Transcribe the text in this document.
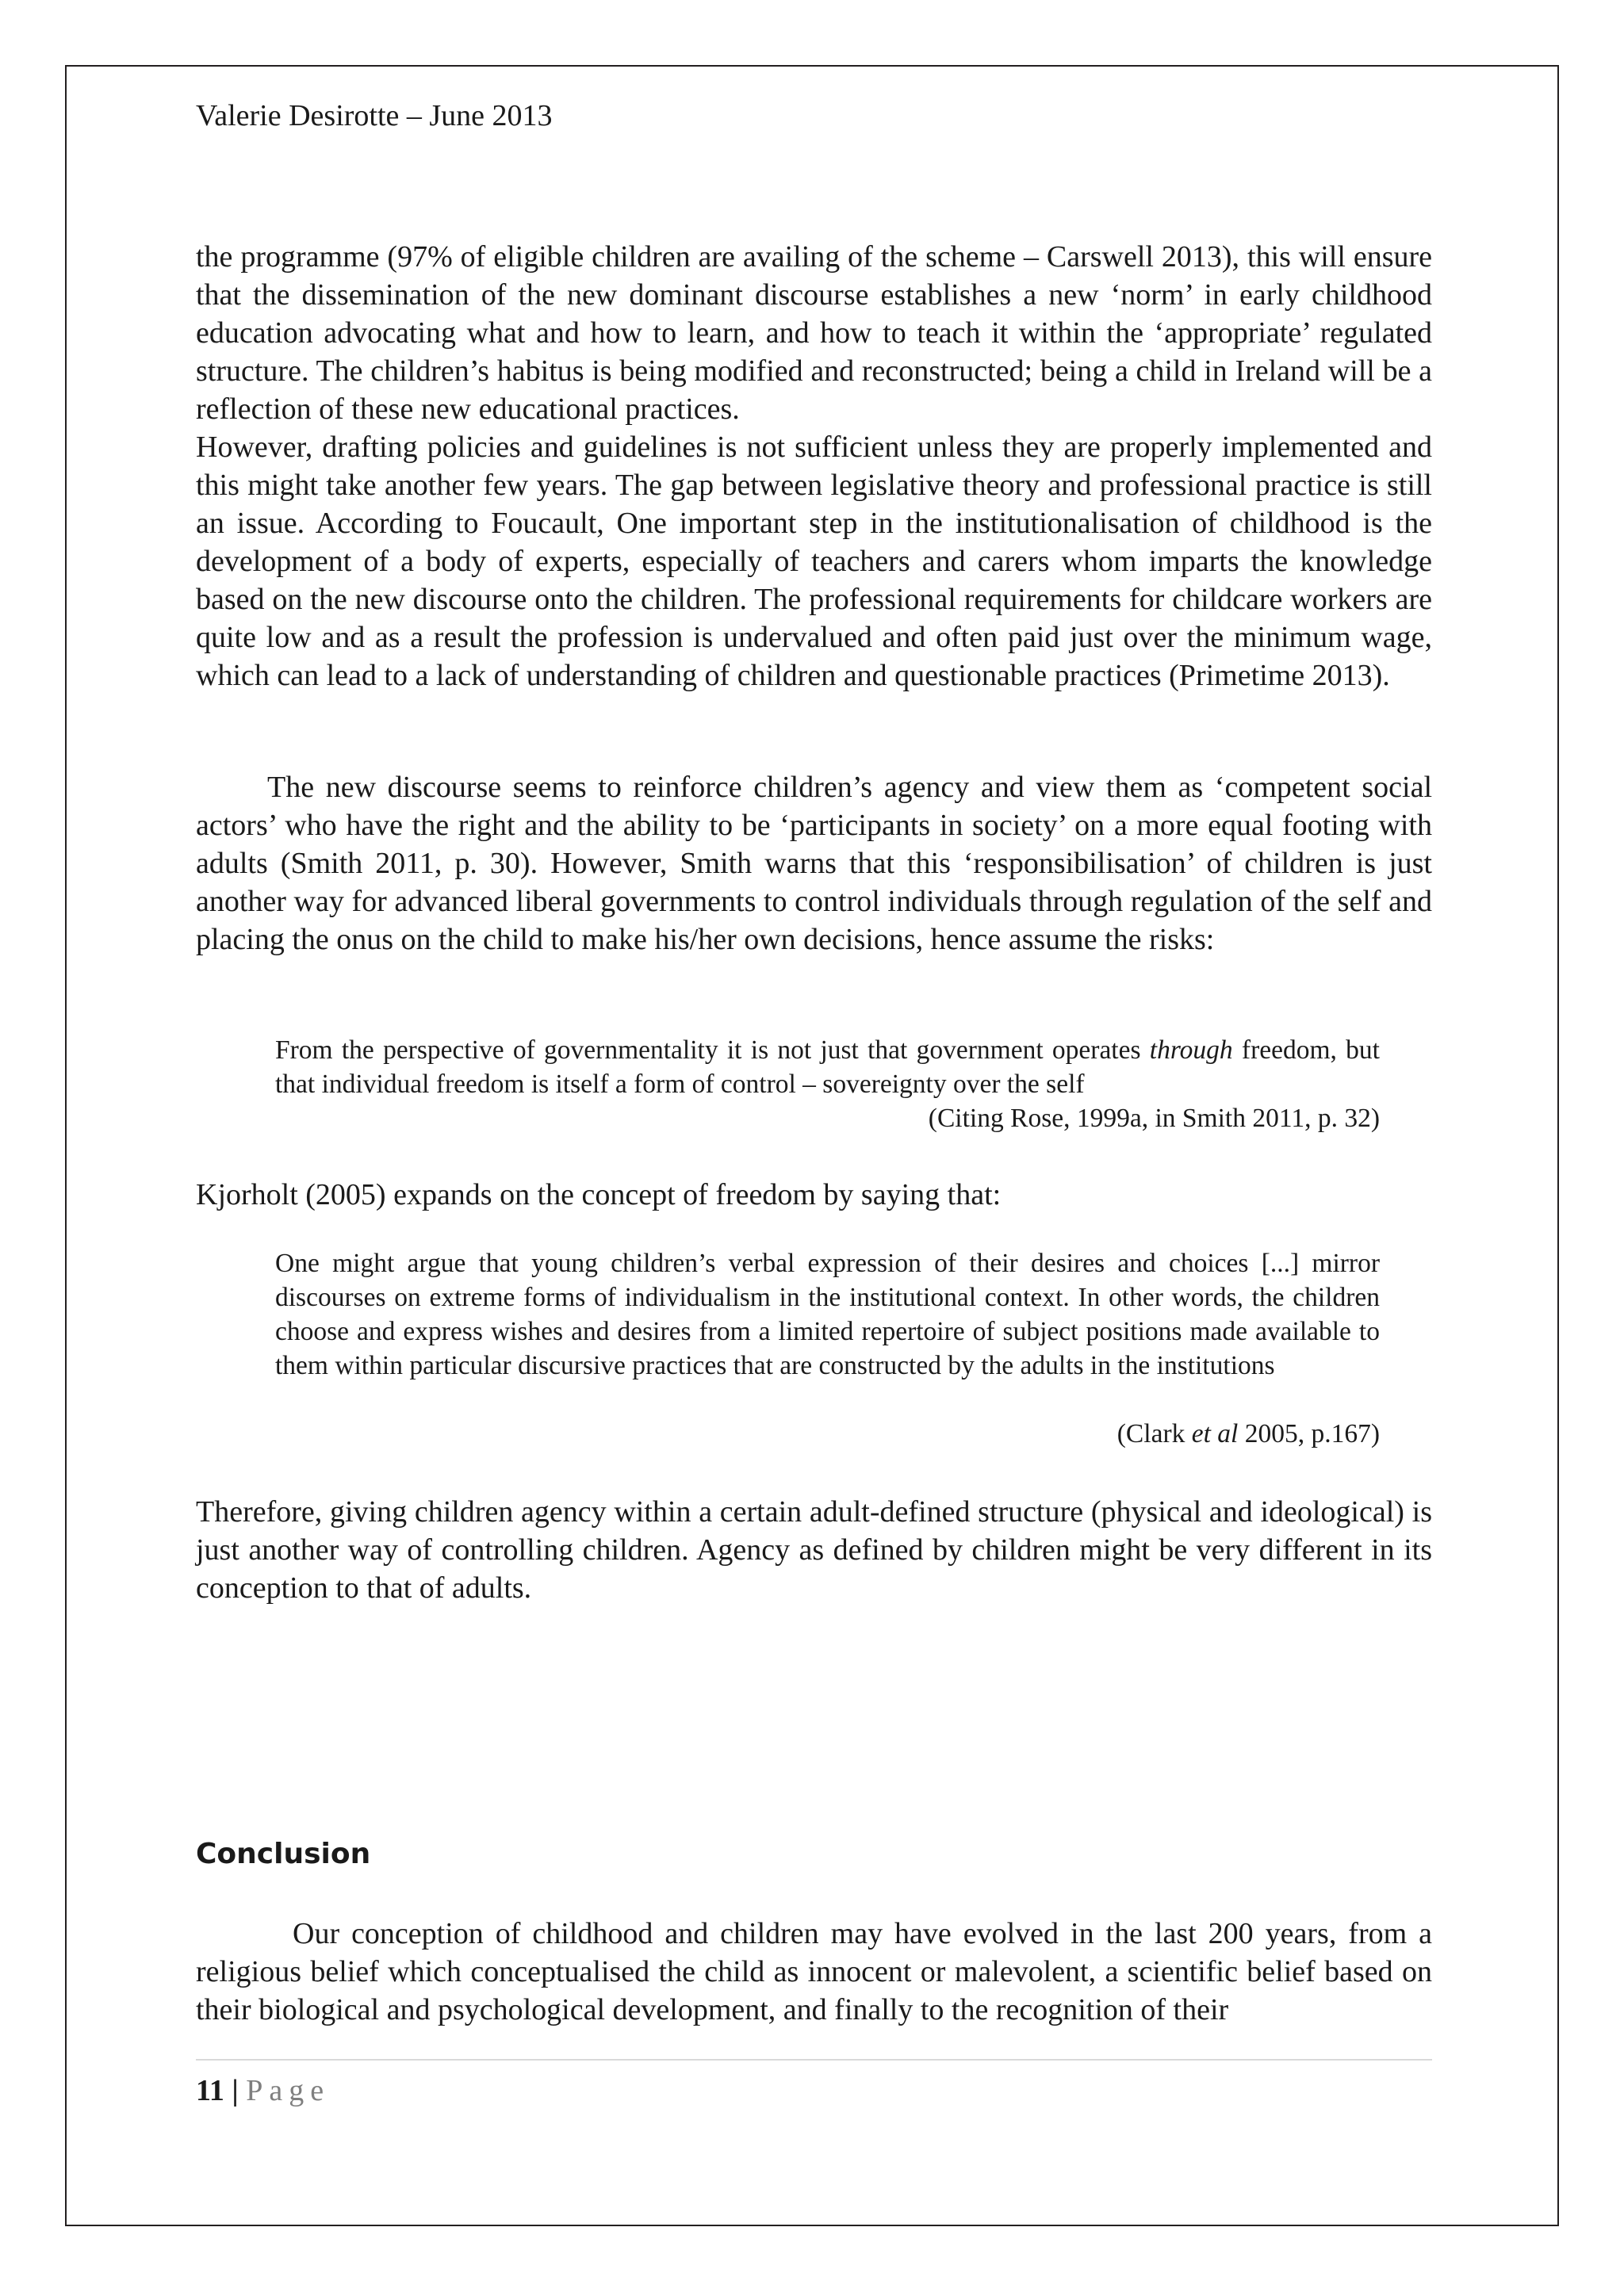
Valerie Desirotte – June 2013

the programme (97% of eligible children are availing of the scheme – Carswell 2013), this will ensure that the dissemination of the new dominant discourse establishes a new ‘norm’ in early childhood education advocating what and how to learn, and how to teach it within the ‘appropriate’ regulated structure. The children’s habitus is being modified and reconstructed; being a child in Ireland will be a reflection of these new educational practices.

However, drafting policies and guidelines is not sufficient unless they are properly implemented and this might take another few years. The gap between legislative theory and professional practice is still an issue. According to Foucault, One important step in the institutionalisation of childhood is the development of a body of experts, especially of teachers and carers whom imparts the knowledge based on the new discourse onto the children. The professional requirements for childcare workers are quite low and as a result the profession is undervalued and often paid just over the minimum wage, which can lead to a lack of understanding of children and questionable practices (Primetime 2013).

The new discourse seems to reinforce children’s agency and view them as ‘competent social actors’ who have the right and the ability to be ‘participants in society’ on a more equal footing with adults (Smith 2011, p. 30). However, Smith warns that this ‘responsibilisation’ of children is just another way for advanced liberal governments to control individuals through regulation of the self and placing the onus on the child to make his/her own decisions, hence assume the risks:

From the perspective of governmentality it is not just that government operates through freedom, but that individual freedom is itself a form of control – sovereignty over the self
(Citing Rose, 1999a, in Smith 2011, p. 32)

Kjorholt (2005) expands on the concept of freedom by saying that:

One might argue that young children’s verbal expression of their desires and choices [...] mirror discourses on extreme forms of individualism in the institutional context. In other words, the children choose and express wishes and desires from a limited repertoire of subject positions made available to them within particular discursive practices that are constructed by the adults in the institutions
(Clark et al 2005, p.167)

Therefore, giving children agency within a certain adult-defined structure (physical and ideological) is just another way of controlling children. Agency as defined by children might be very different in its conception to that of adults.

Conclusion

Our conception of childhood and children may have evolved in the last 200 years, from a religious belief which conceptualised the child as innocent or malevolent, a scientific belief based on their biological and psychological development, and finally to the recognition of their

11 | Page
